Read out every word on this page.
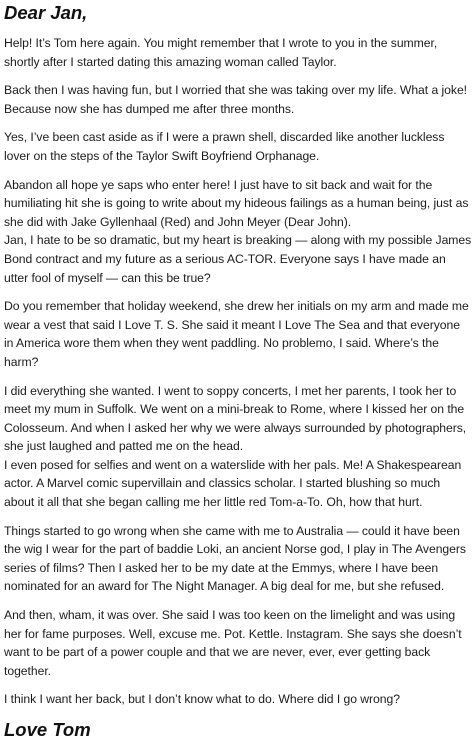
Dear Jan,

Help! It’s Tom here again. You might remember that I wrote to you in the summer, shortly after I started dating this amazing woman called Taylor.

Back then I was having fun, but I worried that she was taking over my life. What a joke! Because now she has dumped me after three months.

Yes, I’ve been cast aside as if I were a prawn shell, discarded like another luckless lover on the steps of the Taylor Swift Boyfriend Orphanage.

Abandon all hope ye saps who enter here! I just have to sit back and wait for the humiliating hit she is going to write about my hideous failings as a human being, just as she did with Jake Gyllenhaal (Red) and John Meyer (Dear John).

Jan, I hate to be so dramatic, but my heart is breaking — along with my possible James Bond contract and my future as a serious AC-TOR. Everyone says I have made an utter fool of myself — can this be true?

Do you remember that holiday weekend, she drew her initials on my arm and made me wear a vest that said I Love T. S. She said it meant I Love The Sea and that everyone in America wore them when they went paddling. No problemo, I said. Where’s the harm?

I did everything she wanted. I went to soppy concerts, I met her parents, I took her to meet my mum in Suffolk. We went on a mini-break to Rome, where I kissed her on the Colosseum. And when I asked her why we were always surrounded by photographers, she just laughed and patted me on the head.

I even posed for selfies and went on a waterslide with her pals. Me! A Shakespearean actor. A Marvel comic supervillain and classics scholar. I started blushing so much about it all that she began calling me her little red Tom-a-To. Oh, how that hurt.

Things started to go wrong when she came with me to Australia — could it have been the wig I wear for the part of baddie Loki, an ancient Norse god, I play in The Avengers series of films? Then I asked her to be my date at the Emmys, where I have been nominated for an award for The Night Manager. A big deal for me, but she refused.

And then, wham, it was over. She said I was too keen on the limelight and was using her for fame purposes. Well, excuse me. Pot. Kettle. Instagram. She says she doesn’t want to be part of a power couple and that we are never, ever, ever getting back together.

I think I want her back, but I don’t know what to do. Where did I go wrong?

Love Tom
